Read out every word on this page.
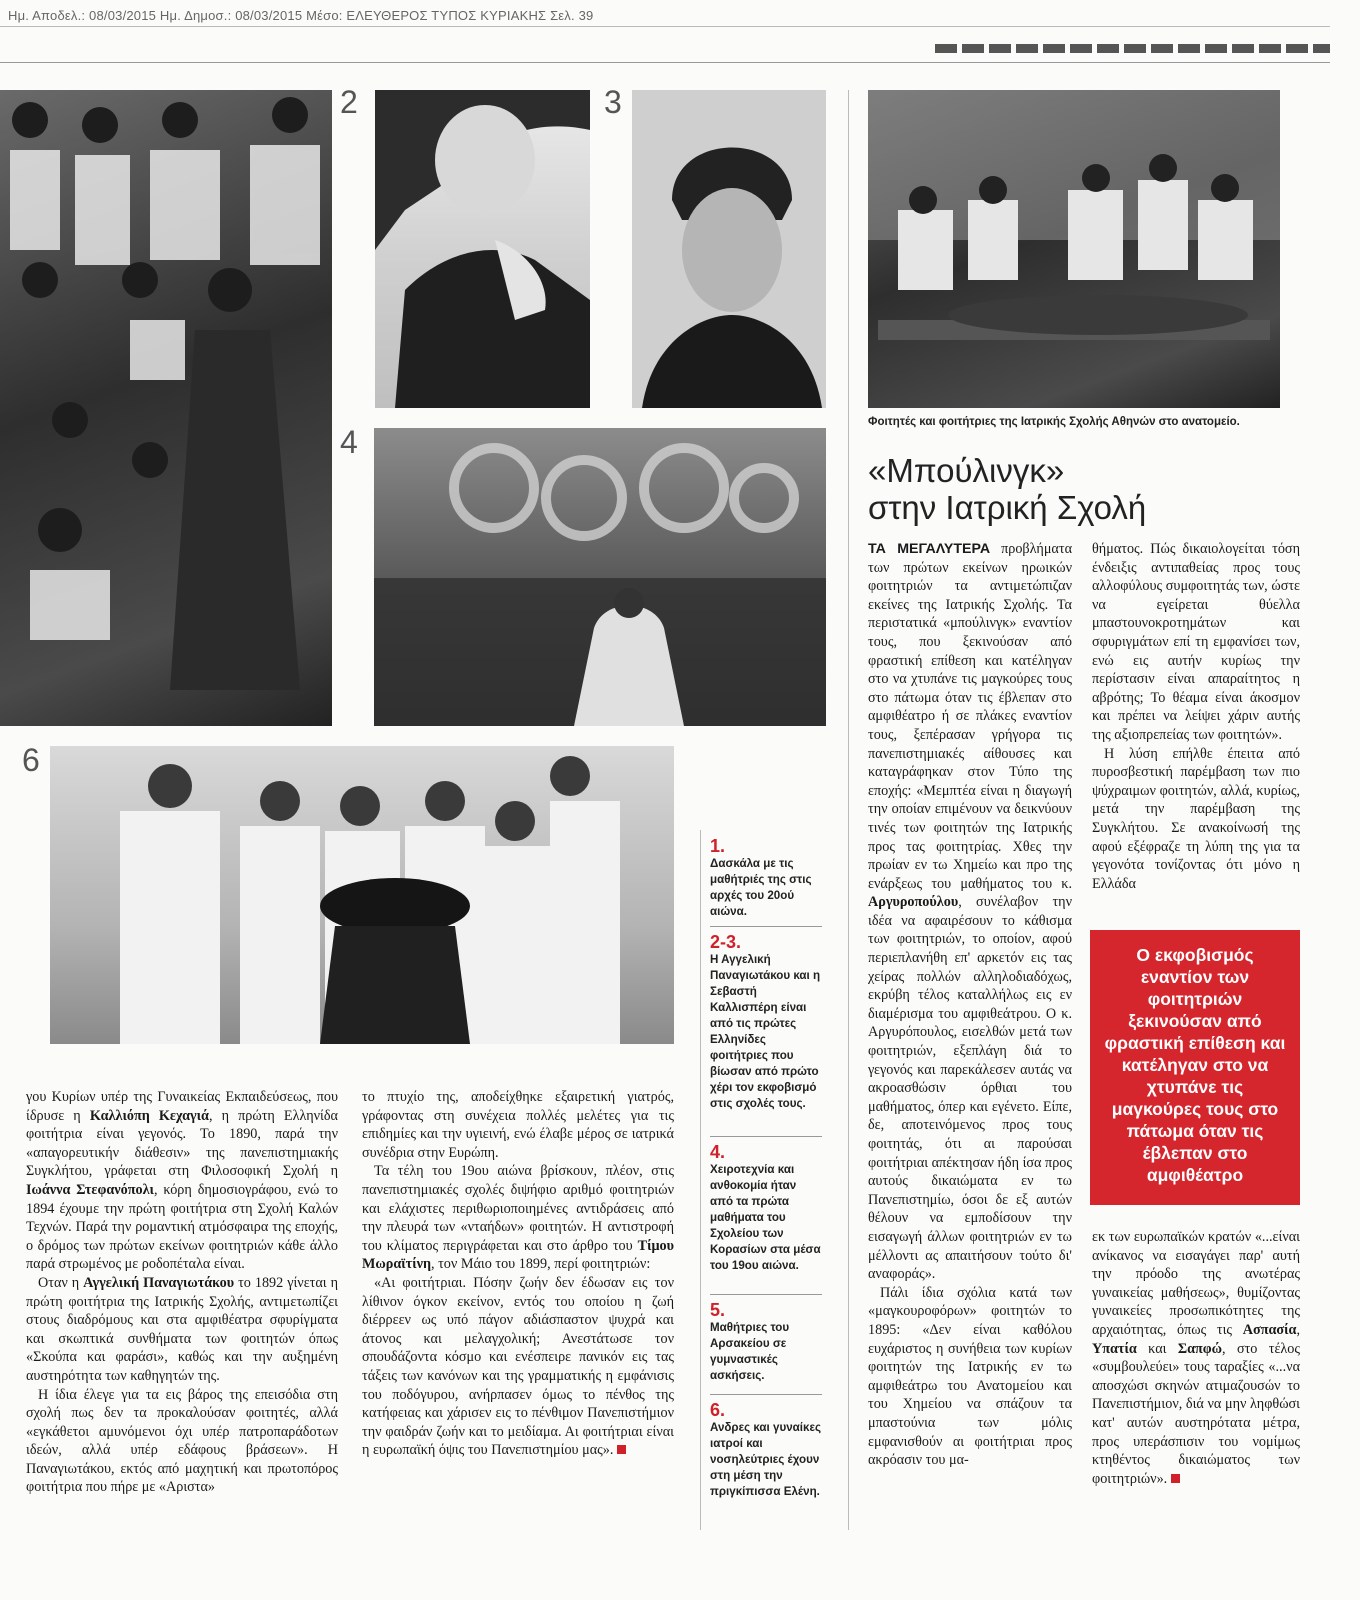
Ημ. Αποδελ.: 08/03/2015 Ημ. Δημοσ.: 08/03/2015 Μέσο: ΕΛΕΥΘΕΡΟΣ ΤΥΠΟΣ ΚΥΡΙΑΚΗΣ Σελ. 39
2	3
4
6
Φοιτητές και φοιτήτριες της Ιατρικής Σχολής Αθηνών στο ανατομείο.
«Μπούλινγκ»
στην Ιατρική Σχολή

ΤΑ ΜΕΓΑΛΥΤΕΡΑ προβλήματα των πρώτων εκείνων ηρωικών φοιτητριών τα αντιμετώπιζαν εκείνες της Ιατρικής Σχολής. Τα περιστατικά «μπούλινγκ» εναντίον τους, που ξεκινούσαν από φραστική επίθεση και κατέληγαν στο να χτυπάνε τις μαγκούρες τους στο πάτωμα όταν τις έβλεπαν στο αμφιθέατρο ή σε πλάκες εναντίον τους, ξεπέρασαν γρήγορα τις πανεπιστημιακές αίθουσες και καταγράφηκαν στον Τύπο της εποχής: «Μεμπτέα είναι η διαγωγή την οποίαν επιμένουν να δεικνύουν τινές των φοιτητών της Ιατρικής προς τας φοιτητρίας. Χθες την πρωίαν εν τω Χημείω και προ της ενάρξεως του μαθήματος του κ. Αργυροπούλου, συνέλαβον την ιδέα να αφαιρέσουν το κάθισμα των φοιτητριών, το οποίον, αφού περιεπλανήθη επ' αρκετόν εις τας χείρας πολλών αλληλοδιαδόχως, εκρύβη τέλος καταλλήλως εις εν διαμέρισμα του αμφιθεάτρου. Ο κ. Αργυρόπουλος, εισελθών μετά των φοιτητριών, εξεπλάγη διά το γεγονός και παρεκάλεσεν αυτάς να ακροασθώσιν όρθιαι του μαθήματος, όπερ και εγένετο. Είπε, δε, αποτεινόμενος προς τους φοιτητάς, ότι αι παρούσαι φοιτήτριαι απέκτησαν ήδη ίσα προς αυτούς δικαιώματα εν τω Πανεπιστημίω, όσοι δε εξ αυτών θέλουν να εμποδίσουν την εισαγωγή άλλων φοιτητριών εν τω μέλλοντι ας απαιτήσουν τούτο δι' αναφοράς».

Πάλι ίδια σχόλια κατά των «μαγκουροφόρων» φοιτητών το 1895: «Δεν είναι καθόλου ευχάριστος η συνήθεια των κυρίων φοιτητών της Ιατρικής εν τω αμφιθεάτρω του Ανατομείου και του Χημείου να σπάζουν τα μπαστούνια των μόλις εμφανισθούν αι φοιτήτριαι προς ακρόασιν του μα-

θήματος. Πώς δικαιολογείται τόση ένδειξις αντιπαθείας προς τους αλλοφύλους συμφοιτητάς των, ώστε να εγείρεται θύελλα μπαστουνοκροτημάτων και σφυριγμάτων επί τη εμφανίσει των, ενώ εις αυτήν κυρίως την περίστασιν είναι απαραίτητος η αβρότης; Το θέαμα είναι άκοσμον και πρέπει να λείψει χάριν αυτής της αξιοπρεπείας των φοιτητών».

Η λύση επήλθε έπειτα από πυροσβεστική παρέμβαση των πιο ψύχραιμων φοιτητών, αλλά, κυρίως, μετά την παρέμβαση της Συγκλήτου. Σε ανακοίνωσή της αφού εξέφραζε τη λύπη της για τα γεγονότα τονίζοντας ότι μόνο η Ελλάδα

Ο εκφοβισμός εναντίον των φοιτητριών ξεκινούσαν από φραστική επίθεση και κατέληγαν στο να χτυπάνε τις μαγκούρες τους στο πάτωμα όταν τις έβλεπαν στο αμφιθέατρο

εκ των ευρωπαϊκών κρατών «...είναι ανίκανος να εισαγάγει παρ' αυτή την πρόοδο της ανωτέρας γυναικείας μαθήσεως», θυμίζοντας γυναικείες προσωπικότητες της αρχαιότητας, όπως τις Ασπασία, Υπατία και Σαπφώ, στο τέλος «συμβουλεύει» τους ταραξίες «...να αποσχώσι σκηνών ατιμαζουσών το Πανεπιστήμιον, διά να μην ληφθώσι κατ' αυτών αυστηρότατα μέτρα, προς υπεράσπισιν του νομίμως κτηθέντος δικαιώματος των φοιτητριών».

γου Κυρίων υπέρ της Γυναικείας Εκπαιδεύσεως, που ίδρυσε η Καλλιόπη Κεχαγιά, η πρώτη Ελληνίδα φοιτήτρια είναι γεγονός. Το 1890, παρά την «απαγορευτικήν διάθεσιν» της πανεπιστημιακής Συγκλήτου, γράφεται στη Φιλοσοφική Σχολή η Ιωάννα Στεφανόπολι, κόρη δημοσιογράφου, ενώ το 1894 έχουμε την πρώτη φοιτήτρια στη Σχολή Καλών Τεχνών. Παρά την ρομαντική ατμόσφαιρα της εποχής, ο δρόμος των πρώτων εκείνων φοιτητριών κάθε άλλο παρά στρωμένος με ροδοπέταλα είναι.

Οταν η Αγγελική Παναγιωτάκου το 1892 γίνεται η πρώτη φοιτήτρια της Ιατρικής Σχολής, αντιμετωπίζει στους διαδρόμους και στα αμφιθέατρα σφυρίγματα και σκωπτικά συνθήματα των φοιτητών όπως «Σκούπα και φαράσι», καθώς και την αυξημένη αυστηρότητα των καθηγητών της.

Η ίδια έλεγε για τα εις βάρος της επεισόδια στη σχολή πως δεν τα προκαλούσαν φοιτητές, αλλά «εγκάθετοι αμυνόμενοι όχι υπέρ πατροπαράδοτων ιδεών, αλλά υπέρ εδάφους βράσεων». Η Παναγιωτάκου, εκτός από μαχητική και πρωτοπόρος φοιτήτρια που πήρε με «Αριστα»

το πτυχίο της, αποδείχθηκε εξαιρετική γιατρός, γράφοντας στη συνέχεια πολλές μελέτες για τις επιδημίες και την υγιεινή, ενώ έλαβε μέρος σε ιατρικά συνέδρια στην Ευρώπη.

Τα τέλη του 19ου αιώνα βρίσκουν, πλέον, στις πανεπιστημιακές σχολές διψήφιο αριθμό φοιτητριών και ελάχιστες περιθωριοποιημένες αντιδράσεις από την πλευρά των «νταήδων» φοιτητών. Η αντιστροφή του κλίματος περιγράφεται και στο άρθρο του Τίμου Μωραϊτίνη, τον Μάιο του 1899, περί φοιτητριών:

«Αι φοιτήτριαι. Πόσην ζωήν δεν έδωσαν εις τον λίθινον όγκον εκείνον, εντός του οποίου η ζωή διέρρεεν ως υπό πάγον αδιάσπαστον ψυχρά και άτονος και μελαγχολική; Ανεστάτωσε τον σπουδάζοντα κόσμο και ενέσπειρε πανικόν εις τας τάξεις των κανόνων και της γραμματικής η εμφάνισις του ποδόγυρου, ανήρπασεν όμως το πένθος της κατήφειας και χάρισεν εις το πένθιμον Πανεπιστήμιον την φαιδράν ζωήν και το μειδίαμα. Αι φοιτήτριαι είναι η ευρωπαϊκή όψις του Πανεπιστημίου μας».

1.
Δασκάλα με τις μαθήτριές της στις αρχές του 20ού αιώνα.
2-3.
Η Αγγελική Παναγιωτάκου και η Σεβαστή Καλλισπέρη είναι από τις πρώτες Ελληνίδες φοιτήτριες που βίωσαν από πρώτο χέρι τον εκφοβισμό στις σχολές τους.
4.
Χειροτεχνία και ανθοκομία ήταν από τα πρώτα μαθήματα του Σχολείου των Κορασίων στα μέσα του 19ου αιώνα.
5.
Μαθήτριες του Αρσακείου σε γυμναστικές ασκήσεις.
6.
Ανδρες και γυναίκες ιατροί και νοσηλεύτριες έχουν στη μέση την πριγκίπισσα Ελένη.
